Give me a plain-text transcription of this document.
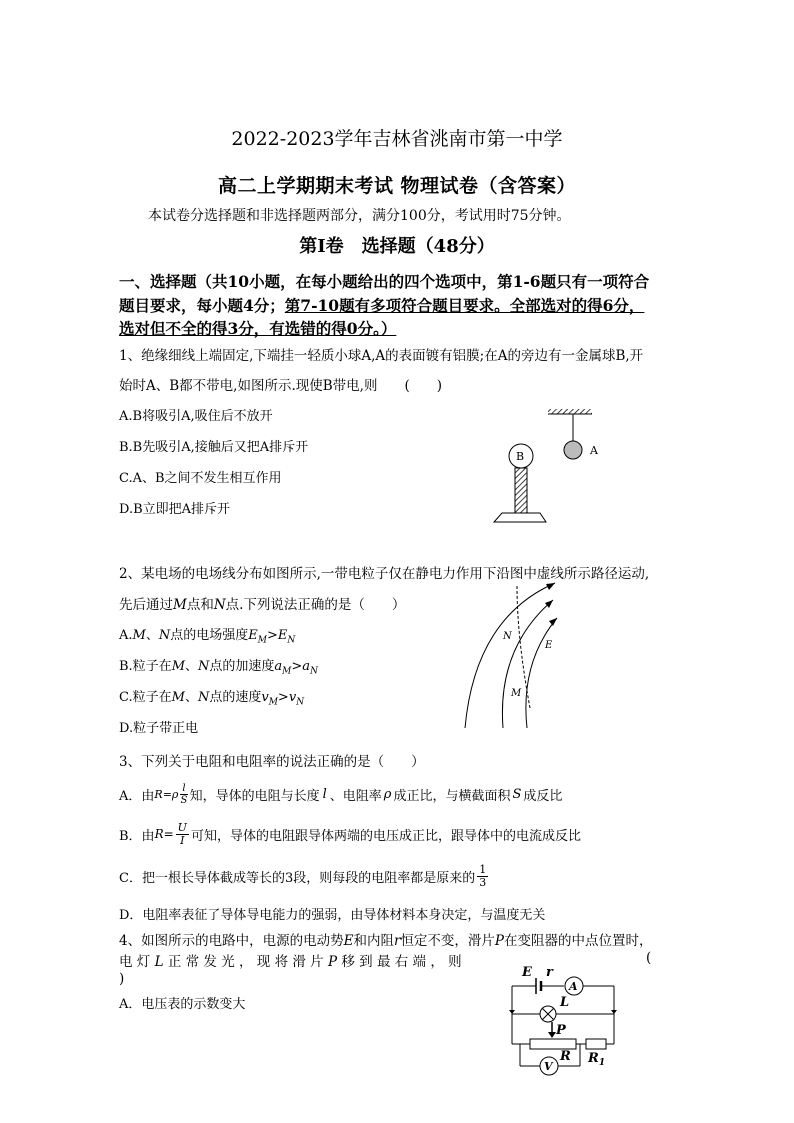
2022-2023学年吉林省洮南市第一中学
高二上学期期末考试 物理试卷（含答案）
本试卷分选择题和非选择题两部分，满分100分，考试用时75分钟。
第Ⅰ卷　选择题（48分）
一、选择题（共10小题，在每小题给出的四个选项中，第1-6题只有一项符合
题目要求，每小题4分；第7-10题有多项符合题目要求。全部选对的得6分，
选对但不全的得3分，有选错的得0分。）
1、绝缘细线上端固定,下端挂一轻质小球A,A的表面镀有铝膜;在A的旁边有一金属球B,开
始时A、B都不带电,如图所示.现使B带电,则　　(　　)
A.B将吸引A,吸住后不放开
B.B先吸引A,接触后又把A排斥开
C.A、B之间不发生相互作用
D.B立即把A排斥开
A
B
2、某电场的电场线分布如图所示,一带电粒子仅在静电力作用下沿图中虚线所示路径运动,
先后通过M点和N点.下列说法正确的是（　　）
A.M、N点的电场强度$E_M>E_N$
B.粒子在M、N点的加速度$a_M>a_N$
C.粒子在M、N点的速度$v_M>v_N$
D.粒子带正电
N
M
E
3、下列关于电阻和电阻率的说法正确的是（　　）
A．由 R = ρ $\frac{l}{S}$ 知，导体的电阻与长度 l 、电阻率 ρ 成正比，与横截面积 S 成反比
B．由 $R = \frac{U}{I}$ 可知，导体的电阻跟导体两端的电压成正比，跟导体中的电流成反比
C．把一根长导体截成等长的3段，则每段的电阻率都是原来的 $\frac{1}{3}$
D．电阻率表征了导体导电能力的强弱，由导体材料本身决定，与温度无关
4、如图所示的电路中，电源的电动势E和内阻r恒定不变，滑片P在变阻器的中点位置时，
电 灯 L 正 常 发 光 ， 现 将 滑 片 P 移 到 最 右 端 ， 则	(
)
A．电压表的示数变大
E r
A
L
P
R $R_1$
V
